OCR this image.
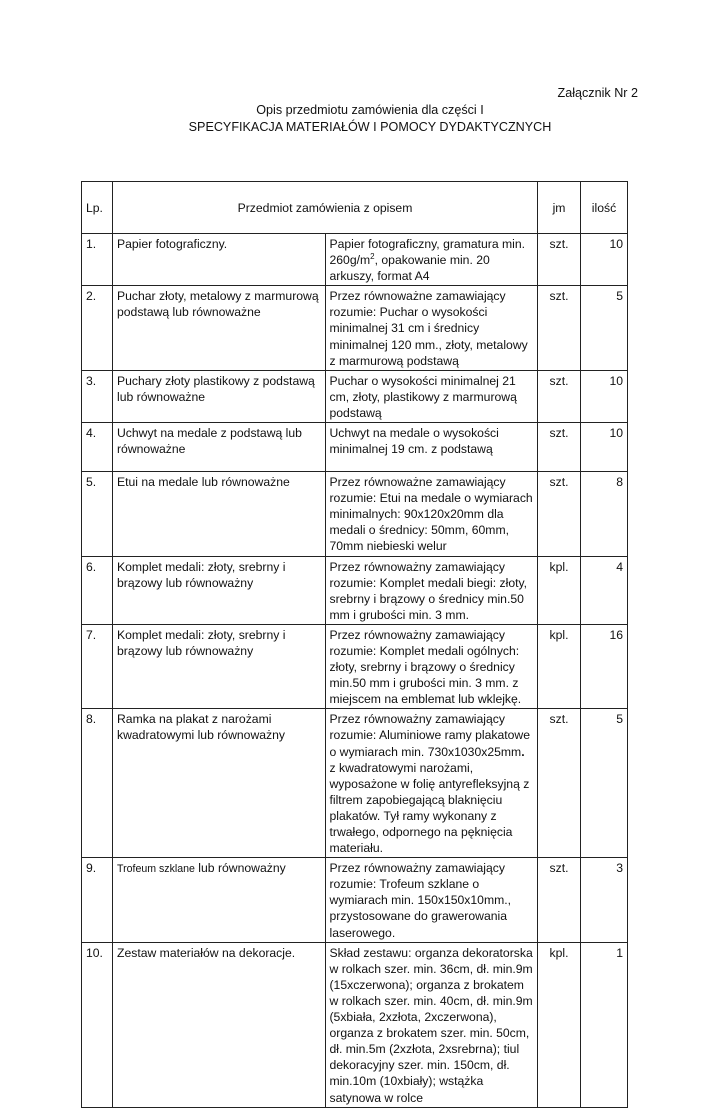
Załącznik Nr 2
Opis przedmiotu zamówienia dla części I
SPECYFIKACJA MATERIAŁÓW I POMOCY DYDAKTYCZNYCH
Lp.	Przedmiot zamówienia z opisem		jm	ilość
1.	Papier fotograficzny.	Papier fotograficzny, gramatura min. $260g/m^2$, opakowanie min. 20 arkuszy, format A4	szt.	10
2.	Puchar złoty, metalowy z marmurową podstawą lub równoważne	Przez równoważne zamawiający rozumie: Puchar o wysokości minimalnej 31 cm i średnicy minimalnej 120 mm., złoty, metalowy z marmurową podstawą	szt.	5
3.	Puchary złoty plastikowy z podstawą lub równoważne	Puchar o wysokości minimalnej 21 cm, złoty, plastikowy z marmurową podstawą	szt.	10
4.	Uchwyt na medale z podstawą lub równoważne	Uchwyt na medale o wysokości minimalnej 19 cm. z podstawą	szt.	10
5.	Etui na medale lub równoważne	Przez równoważne zamawiający rozumie: Etui na medale o wymiarach minimalnych: 90x120x20mm dla medali o średnicy: 50mm, 60mm, 70mm niebieski welur	szt.	8
6.	Komplet medali: złoty, srebrny i brązowy lub równoważny	Przez równoważny zamawiający rozumie: Komplet medali biegi: złoty, srebrny i brązowy o średnicy min.50 mm i grubości min. 3 mm.	kpl.	4
7.	Komplet medali: złoty, srebrny i brązowy lub równoważny	Przez równoważny zamawiający rozumie: Komplet medali ogólnych: złoty, srebrny i brązowy o średnicy min.50 mm i grubości min. 3 mm. z miejscem na emblemat lub wklejkę.	kpl.	16
8.	Ramka na plakat z narożami kwadratowymi lub równoważny	Przez równoważny zamawiający rozumie: Aluminiowe ramy plakatowe o wymiarach min. 730x1030x25mm. z kwadratowymi narożami, wyposażone w folię antyrefleksyjną z filtrem zapobiegającą blaknięciu plakatów. Tył ramy wykonany z trwałego, odpornego na pęknięcia materiału.	szt.	5
9.	Trofeum szklane lub równoważny	Przez równoważny zamawiający rozumie: Trofeum szklane o wymiarach min. 150x150x10mm., przystosowane do grawerowania laserowego.	szt.	3
10.	Zestaw materiałów na dekoracje.	Skład zestawu: organza dekoratorska w rolkach szer. min. 36cm, dł. min.9m (15xczerwona); organza z brokatem w rolkach szer. min. 40cm, dł. min.9m (5xbiała, 2xzłota, 2xczerwona), organza z brokatem szer. min. 50cm, dł. min.5m (2xzłota, 2xsrebrna); tiul dekoracyjny szer. min. 150cm, dł. min.10m (10xbiały); wstążka satynowa w rolce	kpl.	1
